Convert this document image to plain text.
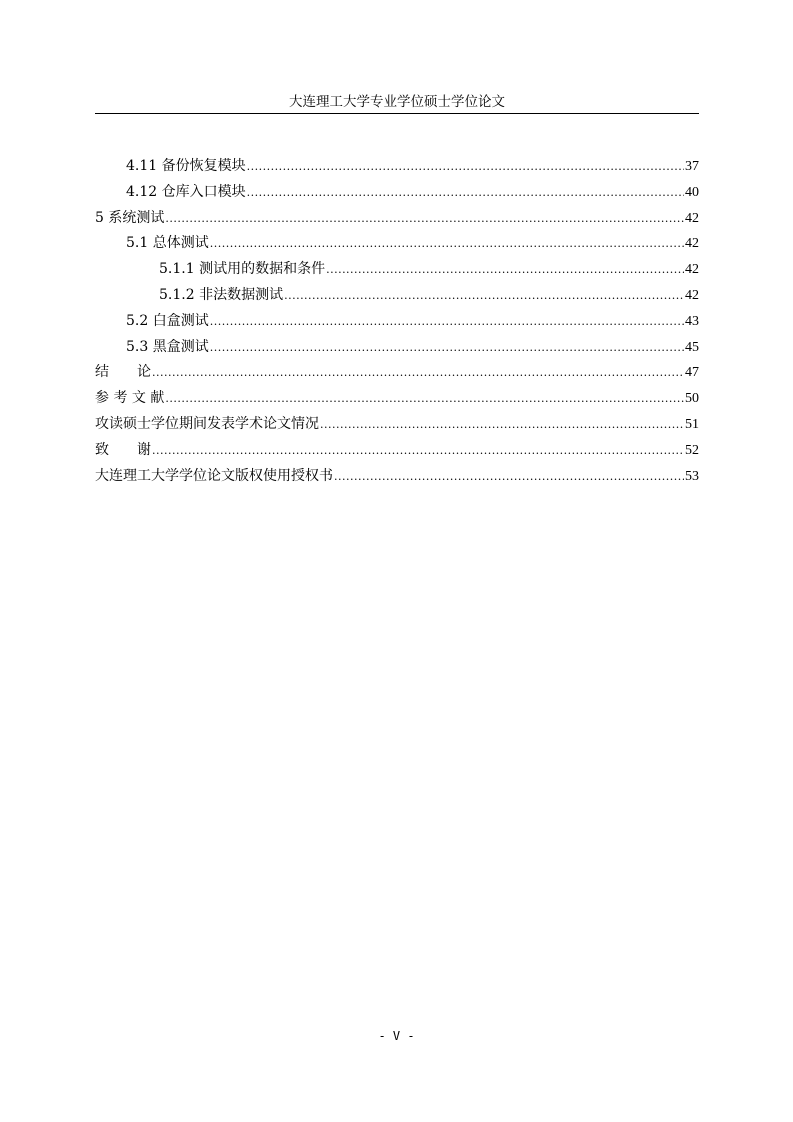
大连理工大学专业学位硕士学位论文
4.11 备份恢复模块 .....	37
4.12 仓库入口模块 .....	40
5 系统测试 .....	42
5.1 总体测试 .....	42
5.1.1 测试用的数据和条件 .....	42
5.1.2 非法数据测试 .....	42
5.2 白盒测试 .....	43
5.3 黑盒测试 .....	45
结　　论 .....	47
参 考 文 献 .....	50
攻读硕士学位期间发表学术论文情况 .....	51
致　　谢 .....	52
大连理工大学学位论文版权使用授权书 .....	53
- V -
